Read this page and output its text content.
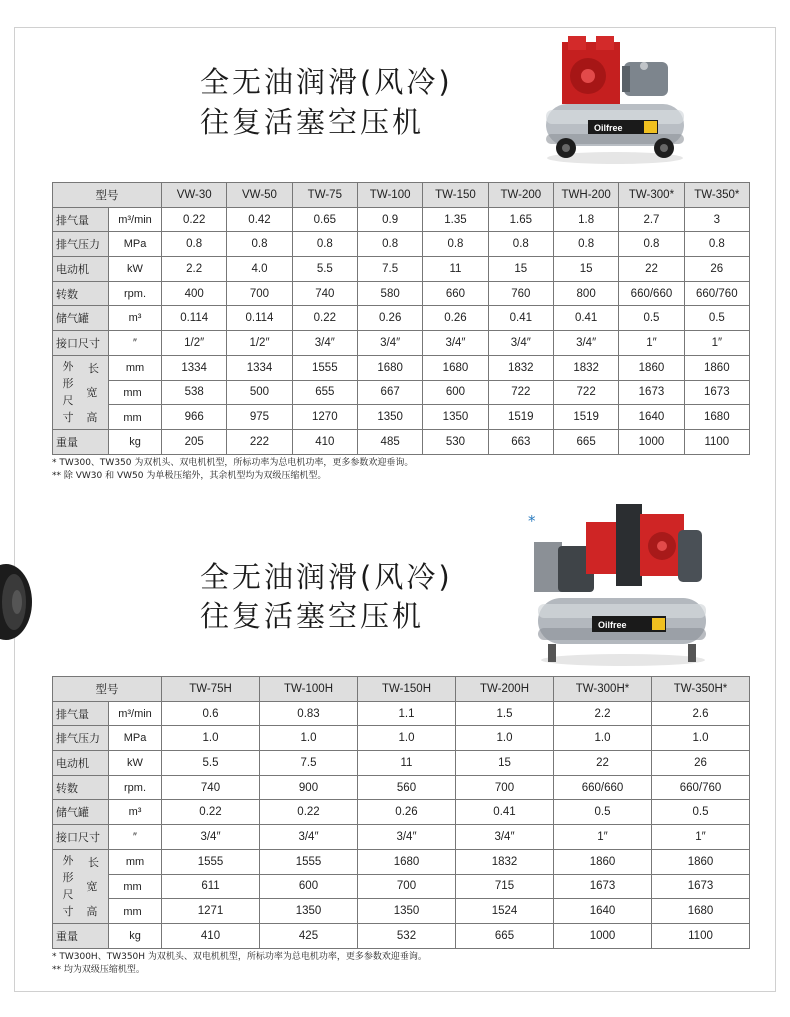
全无油润滑(风冷)
往复活塞空压机	Oilfree
型号		VW-30	VW-50	TW-75	TW-100	TW-150	TW-200	TWH-200	TW-300*	TW-350*
排气量	m³/min	0.22	0.42	0.65	0.9	1.35	1.65	1.8	2.7	3
排气压力	MPa	0.8	0.8	0.8	0.8	0.8	0.8	0.8	0.8	0.8
电动机	kW	2.2	4.0	5.5	7.5	11	15	15	22	26
转数	rpm.	400	700	740	580	660	760	800	660/660	660/760
储气罐	m³	0.114	0.114	0.22	0.26	0.26	0.41	0.41	0.5	0.5
接口尺寸	″	1/2″	1/2″	3/4″	3/4″	3/4″	3/4″	3/4″	1″	1″
外形尺寸长	mm	1334	1334	1555	1680	1680	1832	1832	1860	1860
	宽 mm	538	500	655	667	600	722	722	1673	1673
	高 mm	966	975	1270	1350	1350	1519	1519	1640	1680
重量	kg	205	222	410	485	530	663	665	1000	1100
* TW300、TW350 为双机头、双电机机型，所标功率为总电机功率，更多参数欢迎垂询。
** 除 VW30 和 VW50 为单极压缩外，其余机型均为双级压缩机型。
*
Oilfree
全无油润滑(风冷)
往复活塞空压机
型号		TW-75H	TW-100H	TW-150H	TW-200H	TW-300H*	TW-350H*
排气量	m³/min	0.6	0.83	1.1	1.5	2.2	2.6
排气压力	MPa	1.0	1.0	1.0	1.0	1.0	1.0
电动机	kW	5.5	7.5	11	15	22	26
转数	rpm.	740	900	560	700	660/660	660/760
储气罐	m³	0.22	0.22	0.26	0.41	0.5	0.5
接口尺寸	″	3/4″	3/4″	3/4″	3/4″	1″	1″
外形尺寸长	mm	1555	1555	1680	1832	1860	1860
	宽 mm	611	600	700	715	1673	1673
	高 mm	1271	1350	1350	1524	1640	1680
重量	kg	410	425	532	665	1000	1100
* TW300H、TW350H 为双机头、双电机机型，所标功率为总电机功率，更多参数欢迎垂询。
** 均为双级压缩机型。
